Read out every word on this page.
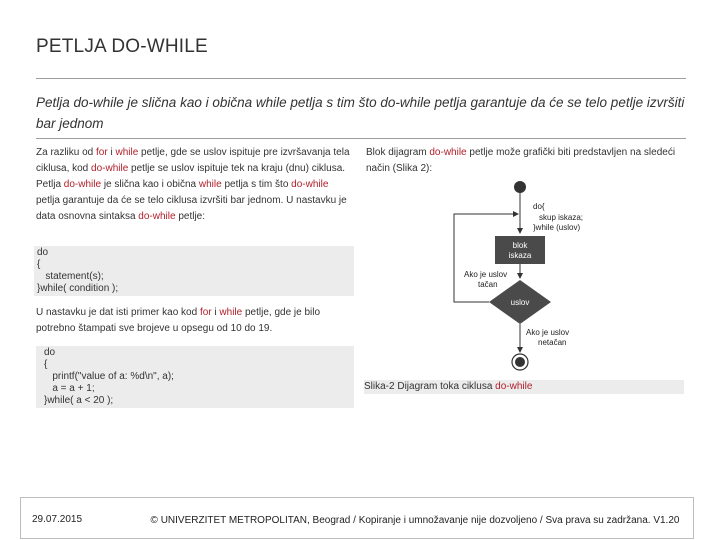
PETLJA DO-WHILE
Petlja do-while je slična kao i obična while petlja s tim što do-while petlja garantuje da će se telo petlje izvršiti bar jednom
Za razliku od for i while petlje, gde se uslov ispituje pre izvršavanja tela ciklusa, kod do-while petlje se uslov ispituje tek na kraju (dnu) ciklusa. Petlja do-while je slična kao i obična while petlja s tim što do-while petlja garantuje da će se telo ciklusa izvršiti bar jednom. U nastavku je data osnovna sintaksa do-while petlje:
do
{
statement(s);
}while( condition );
U nastavku je dat isti primer kao kod for i while petlje, gde je bilo potrebno štampati sve brojeve u opsegu od 10 do 19.
do
{
printf("value of a: %d\n", a);
a = a + 1;
}while( a < 20 );
Blok dijagram do-while petlje može grafički biti predstavljen na sledeći način (Slika 2):
blok
iskaza
uslov
Ako je uslov
tačan
Ako je uslov
netačan
do{ skup iskaza; }while (uslov)
Slika-2 Dijagram toka ciklusa do-while
29.07.2015	© UNIVERZITET METROPOLITAN, Beograd / Kopiranje i umnožavanje nije dozvoljeno / Sva prava su zadržana. V1.20
